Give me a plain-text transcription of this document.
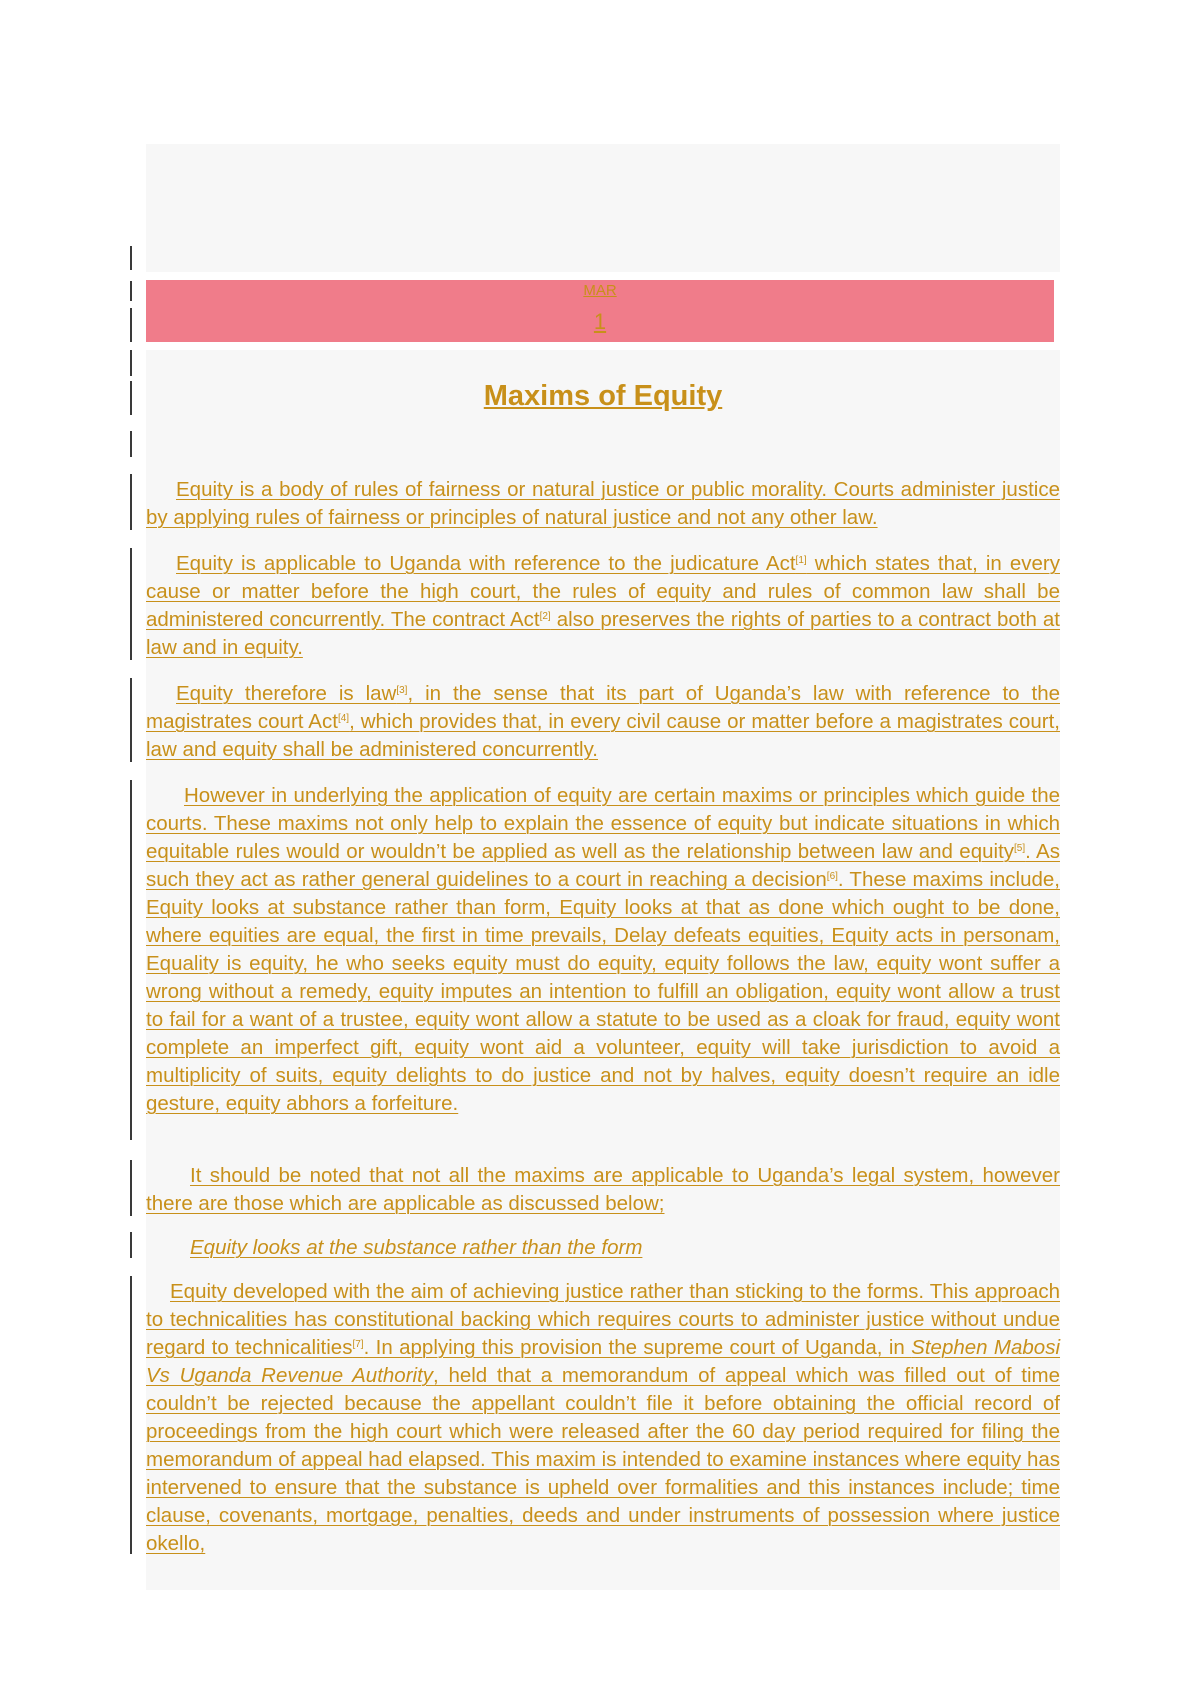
MAR
1
Maxims of Equity
Equity is a body of rules of fairness or natural justice or public morality. Courts administer justice by applying rules of fairness or principles of natural justice and not any other law.
Equity is applicable to Uganda with reference to the judicature Act[1] which states that, in every cause or matter before the high court, the rules of equity and rules of common law shall be administered concurrently. The contract Act[2] also preserves the rights of parties to a contract both at law and in equity.
Equity therefore is law[3], in the sense that its part of Uganda’s law with reference to the magistrates court Act[4], which provides that, in every civil cause or matter before a magistrates court, law and equity shall be administered concurrently.
However in underlying the application of equity are certain maxims or principles which guide the courts. These maxims not only help to explain the essence of equity but indicate situations in which equitable rules would or wouldn’t be applied as well as the relationship between law and equity[5]. As such they act as rather general guidelines to a court in reaching a decision[6]. These maxims include, Equity looks at substance rather than form, Equity looks at that as done which ought to be done, where equities are equal, the first in time prevails, Delay defeats equities, Equity acts in personam, Equality is equity, he who seeks equity must do equity, equity follows the law, equity wont suffer a wrong without a remedy, equity imputes an intention to fulfill an obligation, equity wont allow a trust to fail for a want of a trustee, equity wont allow a statute to be used as a cloak for fraud, equity wont complete an imperfect gift, equity wont aid a volunteer, equity will take jurisdiction to avoid a multiplicity of suits, equity delights to do justice and not by halves, equity doesn’t require an idle gesture, equity abhors a forfeiture.
It should be noted that not all the maxims are applicable to Uganda’s legal system, however there are those which are applicable as discussed below;
Equity looks at the substance rather than the form
Equity developed with the aim of achieving justice rather than sticking to the forms. This approach to technicalities has constitutional backing which requires courts to administer justice without undue regard to technicalities[7]. In applying this provision the supreme court of Uganda, in Stephen Mabosi Vs Uganda Revenue Authority, held that a memorandum of appeal which was filled out of time couldn’t be rejected because the appellant couldn’t file it before obtaining the official record of proceedings from the high court which were released after the 60 day period required for filing the memorandum of appeal had elapsed. This maxim is intended to examine instances where equity has intervened to ensure that the substance is upheld over formalities and this instances include; time clause, covenants, mortgage, penalties, deeds and under instruments of possession where justice okello,
